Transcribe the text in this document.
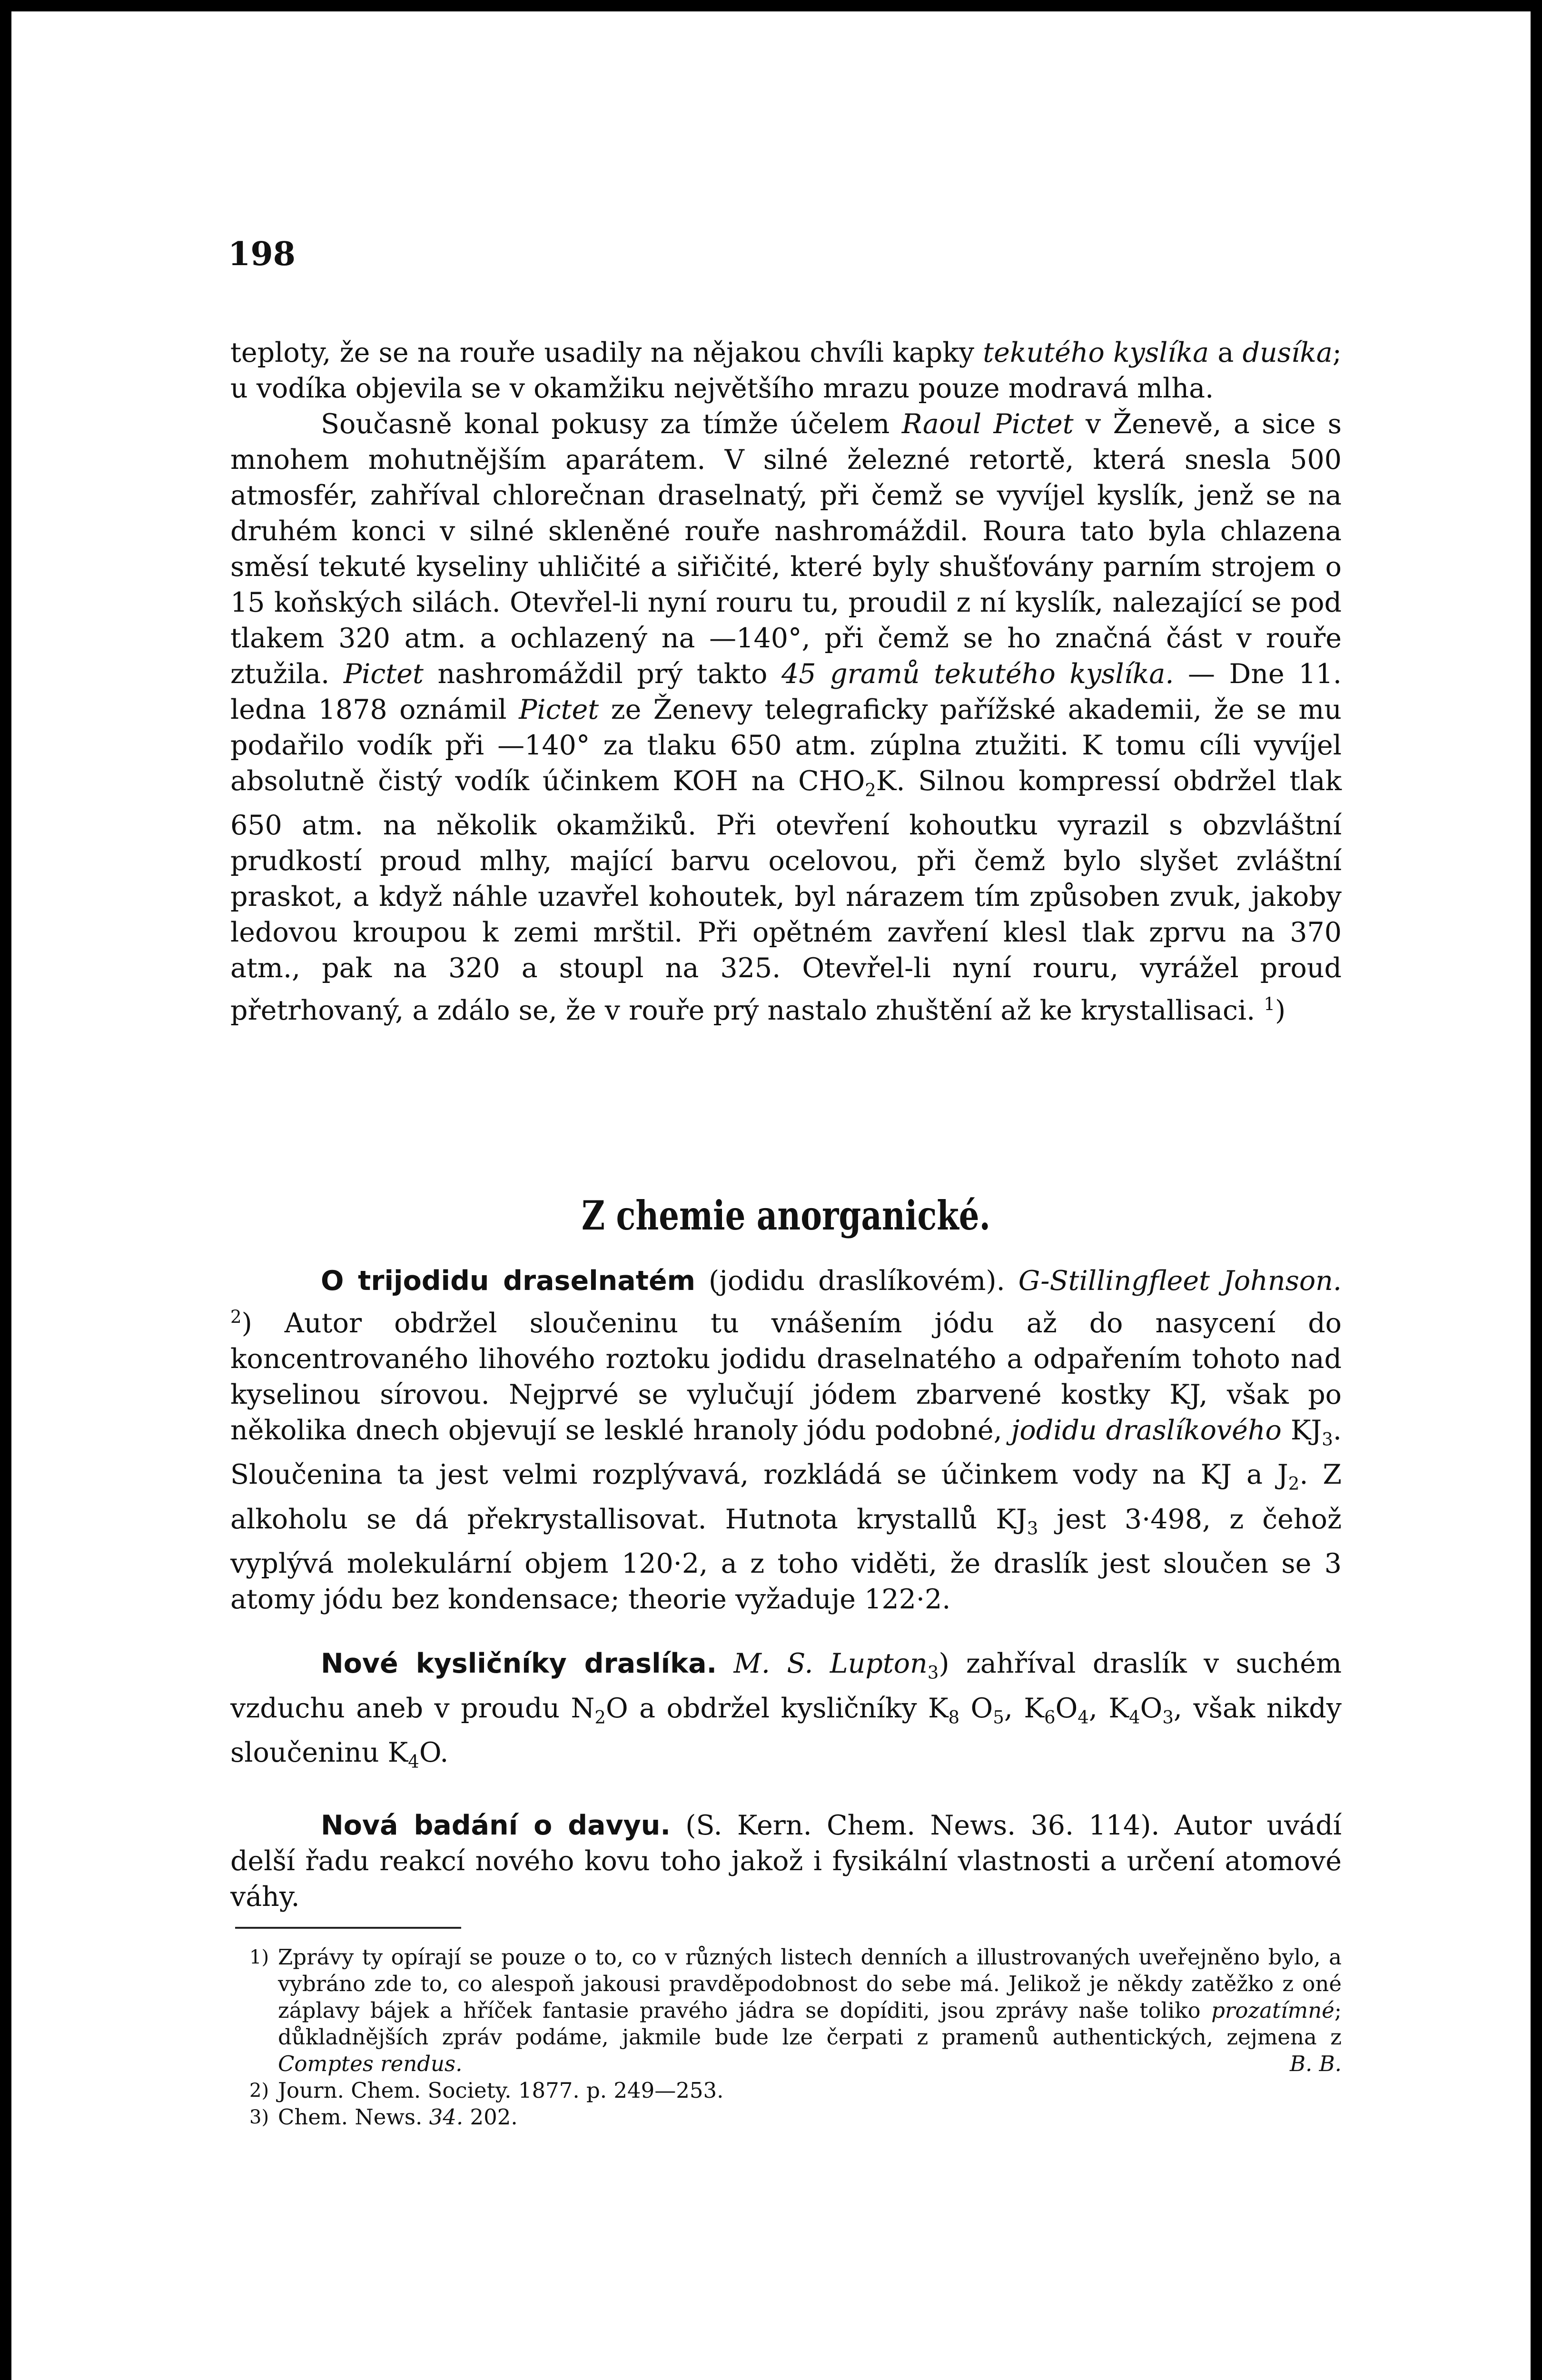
198

teploty, že se na rouře usadily na nějakou chvíli kapky tekutého kyslíka a dusíka; u vodíka objevila se v okamžiku největšího mrazu pouze modravá mlha.

Současně konal pokusy za tímže účelem Raoul Pictet v Ženevě, a sice s mnohem mohutnějším aparátem. V silné železné retortě, která snesla 500 atmosfér, zahříval chlorečnan draselnatý, při čemž se vyvíjel kyslík, jenž se na druhém konci v silné skleněné rouře nashromáždil. Roura tato byla chlazena směsí tekuté kyseliny uhličité a siřičité, které byly shušťovány parním strojem o 15 koňských silách. Otevřel-li nyní rouru tu, proudil z ní kyslík, nalezající se pod tlakem 320 atm. a ochlazený na —140°, při čemž se ho značná část v rouře ztužila. Pictet nashromáždil prý takto 45 gramů tekutého kyslíka. — Dne 11. ledna 1878 oznámil Pictet ze Ženevy telegraficky pařížské akademii, že se mu podařilo vodík při —140° za tlaku 650 atm. zúplna ztužiti. K tomu cíli vyvíjel absolutně čistý vodík účinkem KOH na $CHO_2K$. Silnou kompressí obdržel tlak 650 atm. na několik okamžiků. Při otevření kohoutku vyrazil s obzvláštní prudkostí proud mlhy, mající barvu ocelovou, při čemž bylo slyšet zvláštní praskot, a když náhle uzavřel kohoutek, byl nárazem tím způsoben zvuk, jakoby ledovou kroupou k zemi mrštil. Při opětném zavření klesl tlak zprvu na 370 atm., pak na 320 a stoupl na 325. Otevřel-li nyní rouru, vyrážel proud přetrhovaný, a zdálo se, že v rouře prý nastalo zhuštění až ke krystallisaci. $^1$)

Z chemie anorganické.

O trijodidu draselnatém (jodidu draslíkovém). G-Stillingfleet Johnson. $^2$) Autor obdržel sloučeninu tu vnášením jódu až do nasycení do koncentrovaného lihového roztoku jodidu draselnatého a odpařením tohoto nad kyselinou sírovou. Nejprvé se vylučují jódem zbarvené kostky KJ, však po několika dnech objevují se lesklé hranoly jódu podobné, jodidu draslíkového $KJ_3$. Sloučenina ta jest velmi rozplývavá, rozkládá se účinkem vody na KJ a $J_2$. Z alkoholu se dá překrystallisovat. Hutnota krystallů $KJ_3$ jest 3·498, z čehož vyplývá molekulární objem 120·2, a z toho viděti, že draslík jest sloučen se 3 atomy jódu bez kondensace; theorie vyžaduje 122·2.

Nové kysličníky draslíka. M. S. Lupton$_3$) zahříval draslík v suchém vzduchu aneb v proudu $N_2O$ a obdržel kysličníky $K_8$ $O_5$, $K_6O_4$, $K_4O_3$, však nikdy sloučeninu $K_4O$.

Nová badání o davyu. (S. Kern. Chem. News. 36. 114). Autor uvádí delší řadu reakcí nového kovu toho jakož i fysikální vlastnosti a určení atomové váhy.

1) Zprávy ty opírají se pouze o to, co v různých listech denních a illustrovaných uveřejněno bylo, a vybráno zde to, co alespoň jakousi pravděpodobnost do sebe má. Jelikož je někdy zatěžko z oné záplavy bájek a hříček fantasie pravého jádra se dopíditi, jsou zprávy naše toliko prozatímné; důkladnějších zpráv podáme, jakmile bude lze čerpati z pramenů authentických, zejmena z Comptes rendus.	B. B.
2) Journ. Chem. Society. 1877. p. 249—253.
3) Chem. News. 34. 202.
